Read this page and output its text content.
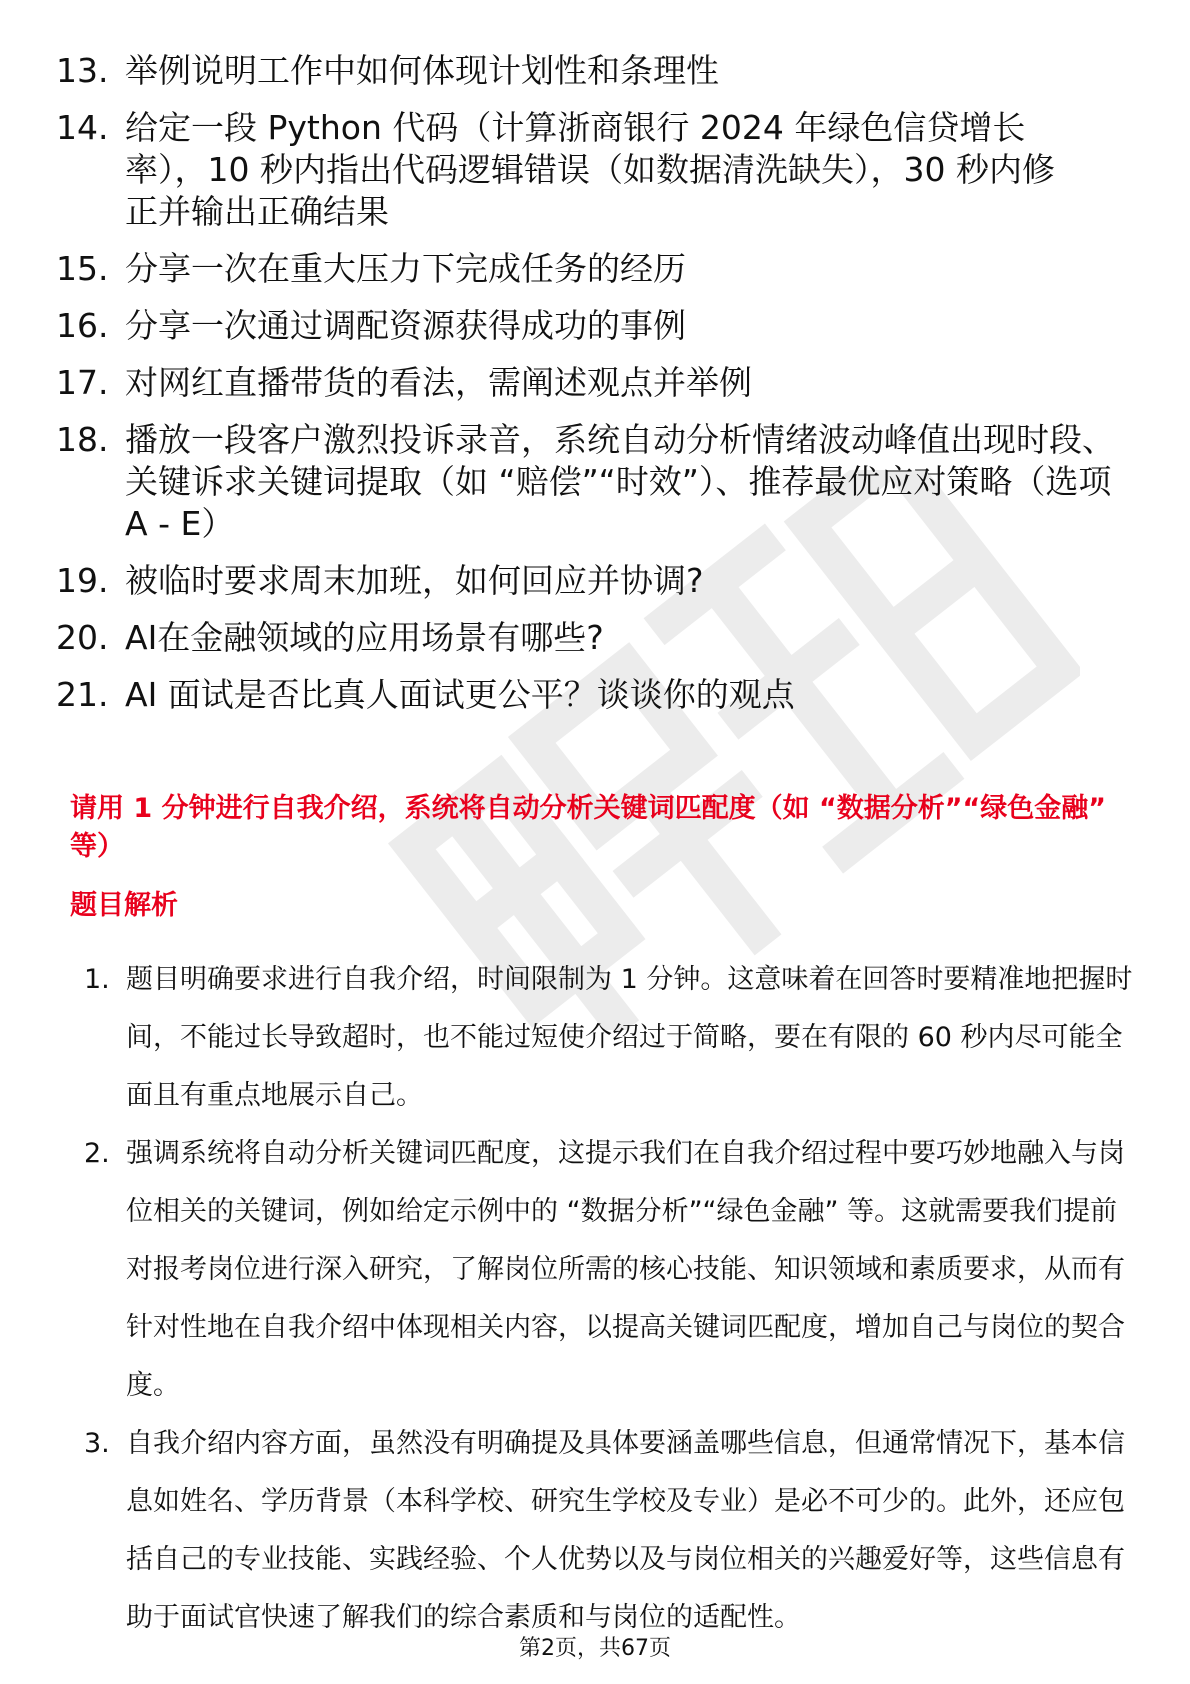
13. 举例说明工作中如何体现计划性和条理性
14. 给定一段 Python 代码（计算浙商银行 2024 年绿色信贷增长率），10 秒内指出代码逻辑错误（如数据清洗缺失），30 秒内修正并输出正确结果
15. 分享一次在重大压力下完成任务的经历
16. 分享一次通过调配资源获得成功的事例
17. 对网红直播带货的看法，需阐述观点并举例
18. 播放一段客户激烈投诉录音，系统自动分析情绪波动峰值出现时段、关键诉求关键词提取（如 “赔偿”“时效”）、推荐最优应对策略（选项 A - E）
19. 被临时要求周末加班，如何回应并协调?
20. AI在金融领域的应用场景有哪些?
21. AI 面试是否比真人面试更公平？谈谈你的观点
请用 1 分钟进行自我介绍，系统将自动分析关键词匹配度（如 “数据分析”“绿色金融” 等）
题目解析
1. 题目明确要求进行自我介绍，时间限制为 1 分钟。这意味着在回答时要精准地把握时间，不能过长导致超时，也不能过短使介绍过于简略，要在有限的 60 秒内尽可能全面且有重点地展示自己。
2. 强调系统将自动分析关键词匹配度，这提示我们在自我介绍过程中要巧妙地融入与岗位相关的关键词，例如给定示例中的 “数据分析”“绿色金融” 等。这就需要我们提前对报考岗位进行深入研究，了解岗位所需的核心技能、知识领域和素质要求，从而有针对性地在自我介绍中体现相关内容，以提高关键词匹配度，增加自己与岗位的契合度。
3. 自我介绍内容方面，虽然没有明确提及具体要涵盖哪些信息，但通常情况下，基本信息如姓名、学历背景（本科学校、研究生学校及专业）是必不可少的。此外，还应包括自己的专业技能、实践经验、个人优势以及与岗位相关的兴趣爱好等，这些信息有助于面试官快速了解我们的综合素质和与岗位的适配性。
第2页，共67页
